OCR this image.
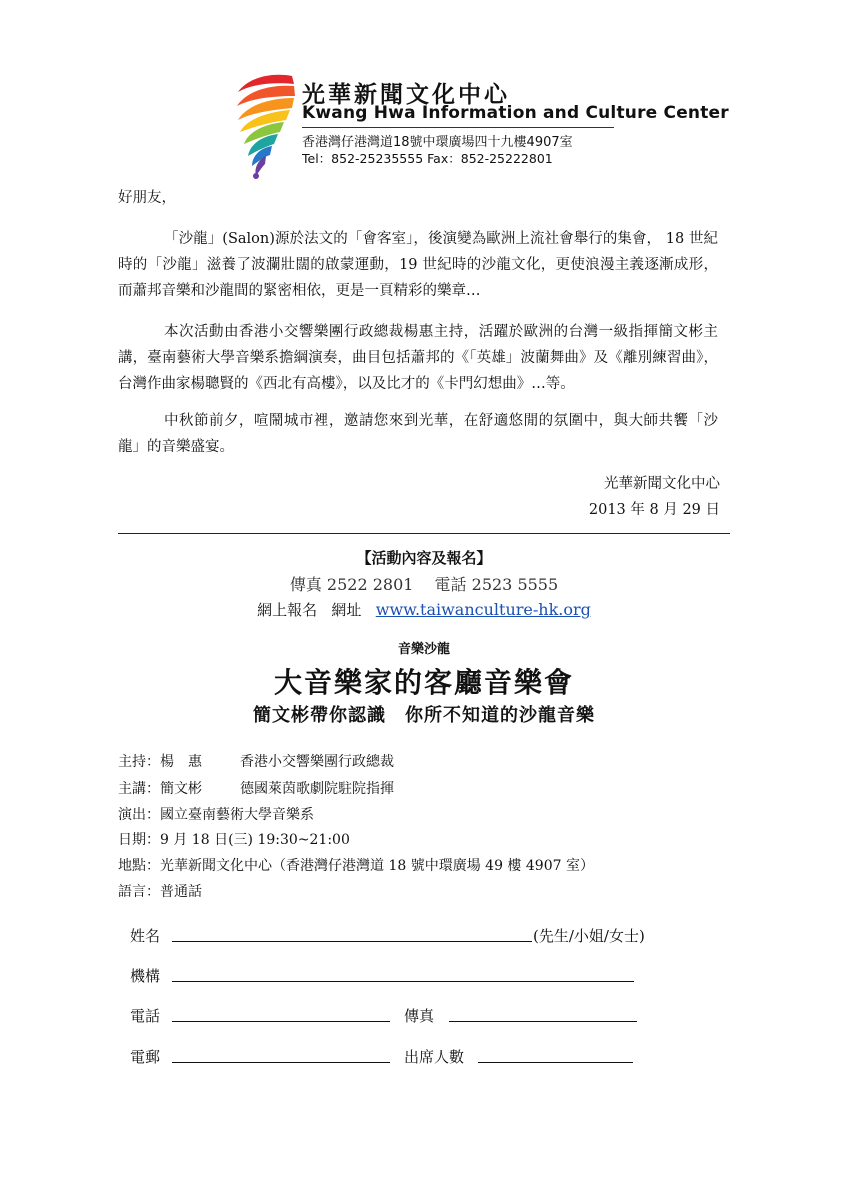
光華新聞文化中心
Kwang Hwa Information and Culture Center
香港灣仔港灣道18號中環廣場四十九樓4907室
Tel：852-25235555 Fax：852-25222801
好朋友，
「沙龍」(Salon)源於法文的「會客室」，後演變為歐洲上流社會舉行的集會， 18 世紀時的「沙龍」滋養了波瀾壯闊的啟蒙運動，19 世紀時的沙龍文化，更使浪漫主義逐漸成形，而蕭邦音樂和沙龍間的緊密相依，更是一頁精彩的樂章…
本次活動由香港小交響樂團行政總裁楊惠主持，活躍於歐洲的台灣一級指揮簡文彬主講，臺南藝術大學音樂系擔綱演奏，曲目包括蕭邦的《「英雄」波蘭舞曲》及《離別練習曲》，台灣作曲家楊聰賢的《西北有高樓》，以及比才的《卡門幻想曲》…等。
中秋節前夕，喧鬧城市裡，邀請您來到光華，在舒適悠閒的氛圍中，與大師共饗「沙龍」的音樂盛宴。
光華新聞文化中心
2013 年 8 月 29 日
【活動內容及報名】
傳真 2522 2801 電話 2523 5555
網上報名 網址 www.taiwanculture-hk.org
音樂沙龍
大音樂家的客廳音樂會
簡文彬帶你認識　你所不知道的沙龍音樂
主持：楊　惠	香港小交響樂團行政總裁
主講：簡文彬	德國萊茵歌劇院駐院指揮
演出：國立臺南藝術大學音樂系
日期：9 月 18 日(三) 19:30~21:00
地點：光華新聞文化中心（香港灣仔港灣道 18 號中環廣場 49 樓 4907 室）
語言：普通話
姓名	(先生/小姐/女士)
機構
電話	傳真
電郵	出席人數
